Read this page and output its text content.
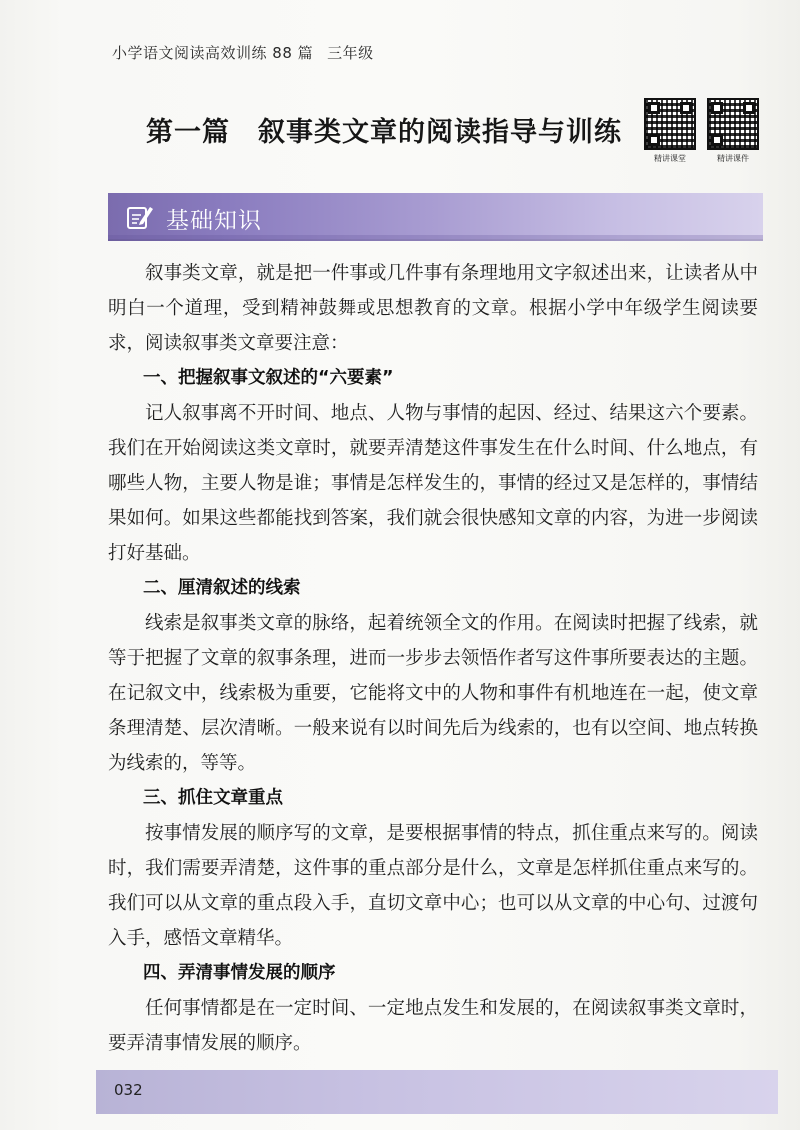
小学语文阅读高效训练 88 篇 三年级
第一篇 叙事类文章的阅读指导与训练
精讲课堂	精讲课件
基础知识

叙事类文章，就是把一件事或几件事有条理地用文字叙述出来，让读者从中明白一个道理，受到精神鼓舞或思想教育的文章。根据小学中年级学生阅读要求，阅读叙事类文章要注意：

一、把握叙事文叙述的“六要素”

记人叙事离不开时间、地点、人物与事情的起因、经过、结果这六个要素。我们在开始阅读这类文章时，就要弄清楚这件事发生在什么时间、什么地点，有哪些人物，主要人物是谁；事情是怎样发生的，事情的经过又是怎样的，事情结果如何。如果这些都能找到答案，我们就会很快感知文章的内容，为进一步阅读打好基础。

二、厘清叙述的线索

线索是叙事类文章的脉络，起着统领全文的作用。在阅读时把握了线索，就等于把握了文章的叙事条理，进而一步步去领悟作者写这件事所要表达的主题。在记叙文中，线索极为重要，它能将文中的人物和事件有机地连在一起，使文章条理清楚、层次清晰。一般来说有以时间先后为线索的，也有以空间、地点转换为线索的，等等。

三、抓住文章重点

按事情发展的顺序写的文章，是要根据事情的特点，抓住重点来写的。阅读时，我们需要弄清楚，这件事的重点部分是什么，文章是怎样抓住重点来写的。我们可以从文章的重点段入手，直切文章中心；也可以从文章的中心句、过渡句入手，感悟文章精华。

四、弄清事情发展的顺序

任何事情都是在一定时间、一定地点发生和发展的，在阅读叙事类文章时，要弄清事情发展的顺序。

032
